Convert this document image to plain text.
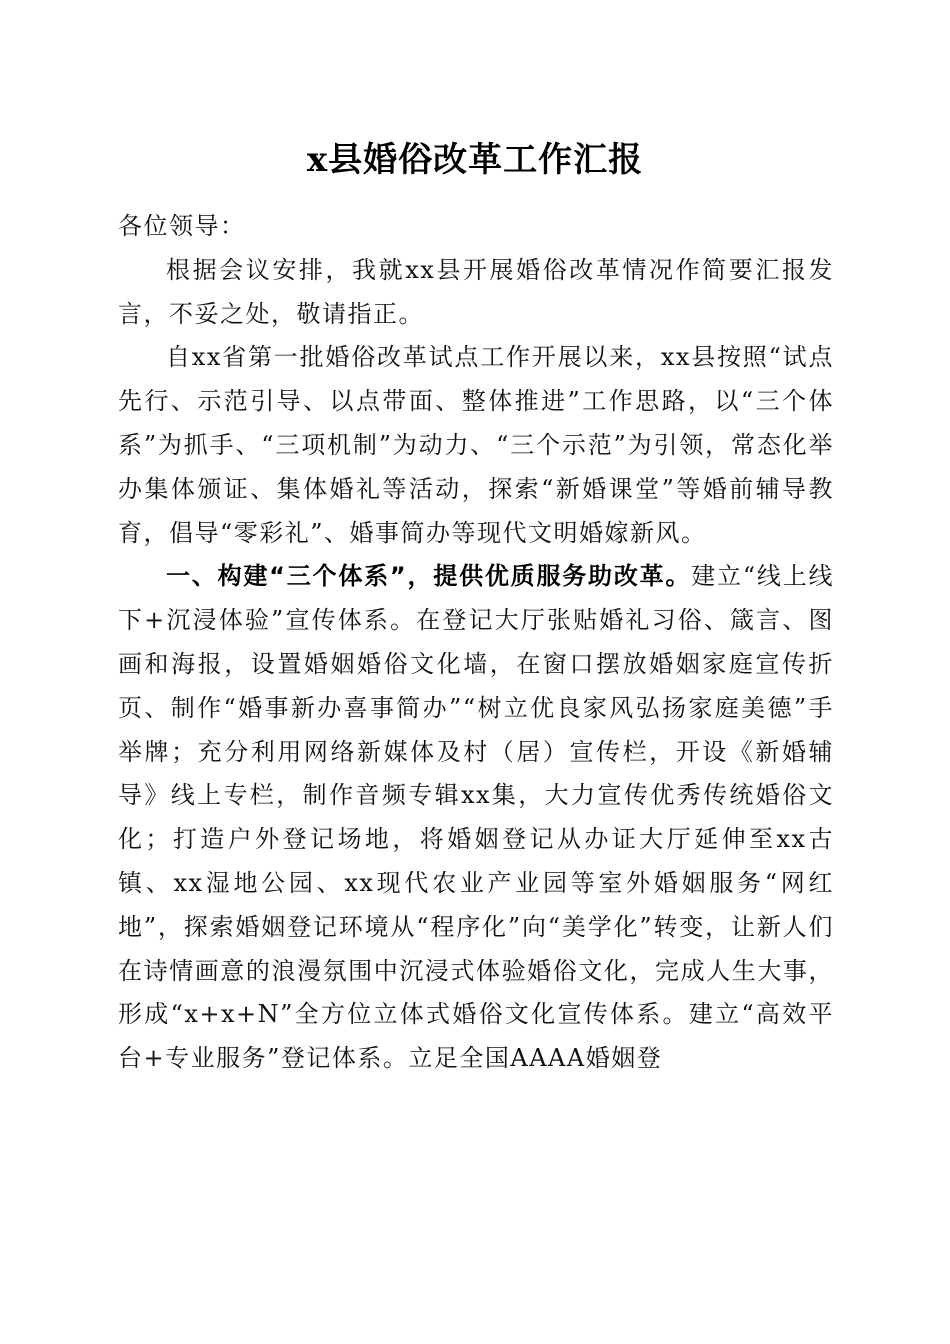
x县婚俗改革工作汇报

各位领导：

根据会议安排，我就xx县开展婚俗改革情况作简要汇报发言，不妥之处，敬请指正。

自xx省第一批婚俗改革试点工作开展以来，xx县按照“试点先行、示范引导、以点带面、整体推进”工作思路，以“三个体系”为抓手、“三项机制”为动力、“三个示范”为引领，常态化举办集体颁证、集体婚礼等活动，探索“新婚课堂”等婚前辅导教育，倡导“零彩礼”、婚事简办等现代文明婚嫁新风。

一、构建“三个体系”，提供优质服务助改革。建立“线上线下+沉浸体验”宣传体系。在登记大厅张贴婚礼习俗、箴言、图画和海报，设置婚姻婚俗文化墙，在窗口摆放婚姻家庭宣传折页、制作“婚事新办喜事简办”“树立优良家风弘扬家庭美德”手举牌；充分利用网络新媒体及村（居）宣传栏，开设《新婚辅导》线上专栏，制作音频专辑xx集，大力宣传优秀传统婚俗文化；打造户外登记场地，将婚姻登记从办证大厅延伸至xx古镇、xx湿地公园、xx现代农业产业园等室外婚姻服务“网红地”，探索婚姻登记环境从“程序化”向“美学化”转变，让新人们在诗情画意的浪漫氛围中沉浸式体验婚俗文化，完成人生大事，形成“x+x+N”全方位立体式婚俗文化宣传体系。建立“高效平台+专业服务”登记体系。立足全国AAAA婚姻登
